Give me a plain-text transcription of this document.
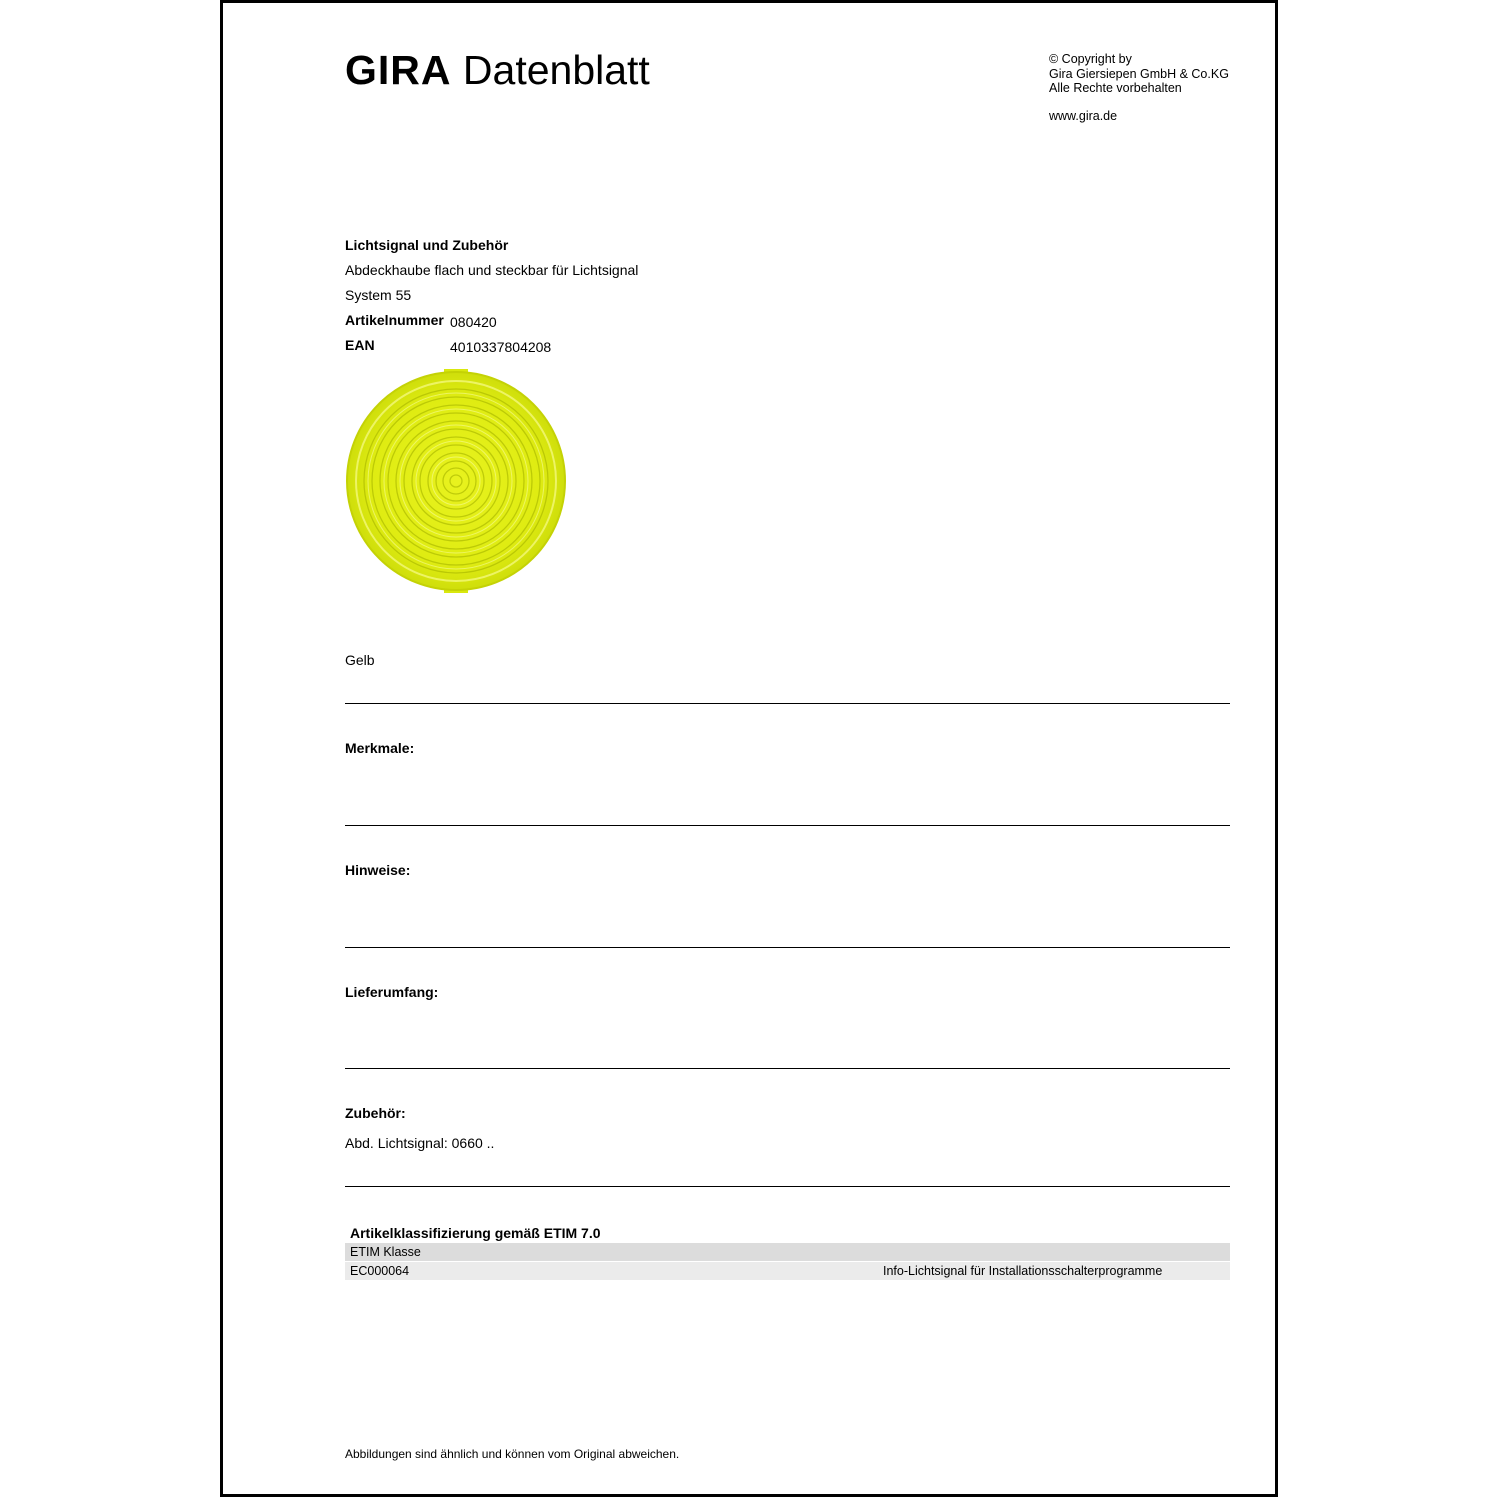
GIRA Datenblatt	© Copyright by
Gira Giersiepen GmbH & Co.KG
Alle Rechte vorbehalten
www.gira.de
Lichtsignal und Zubehör
Abdeckhaube flach und steckbar für Lichtsignal
System 55
Artikelnummer 080420
EAN	4010337804208
Gelb
Merkmale:
Hinweise:
Lieferumfang:
Zubehör:
Abd. Lichtsignal: 0660 ..
Artikelklassifizierung gemäß ETIM 7.0
ETIM Klasse
EC000064	Info-Lichtsignal für Installationsschalterprogramme
Abbildungen sind ähnlich und können vom Original abweichen.
